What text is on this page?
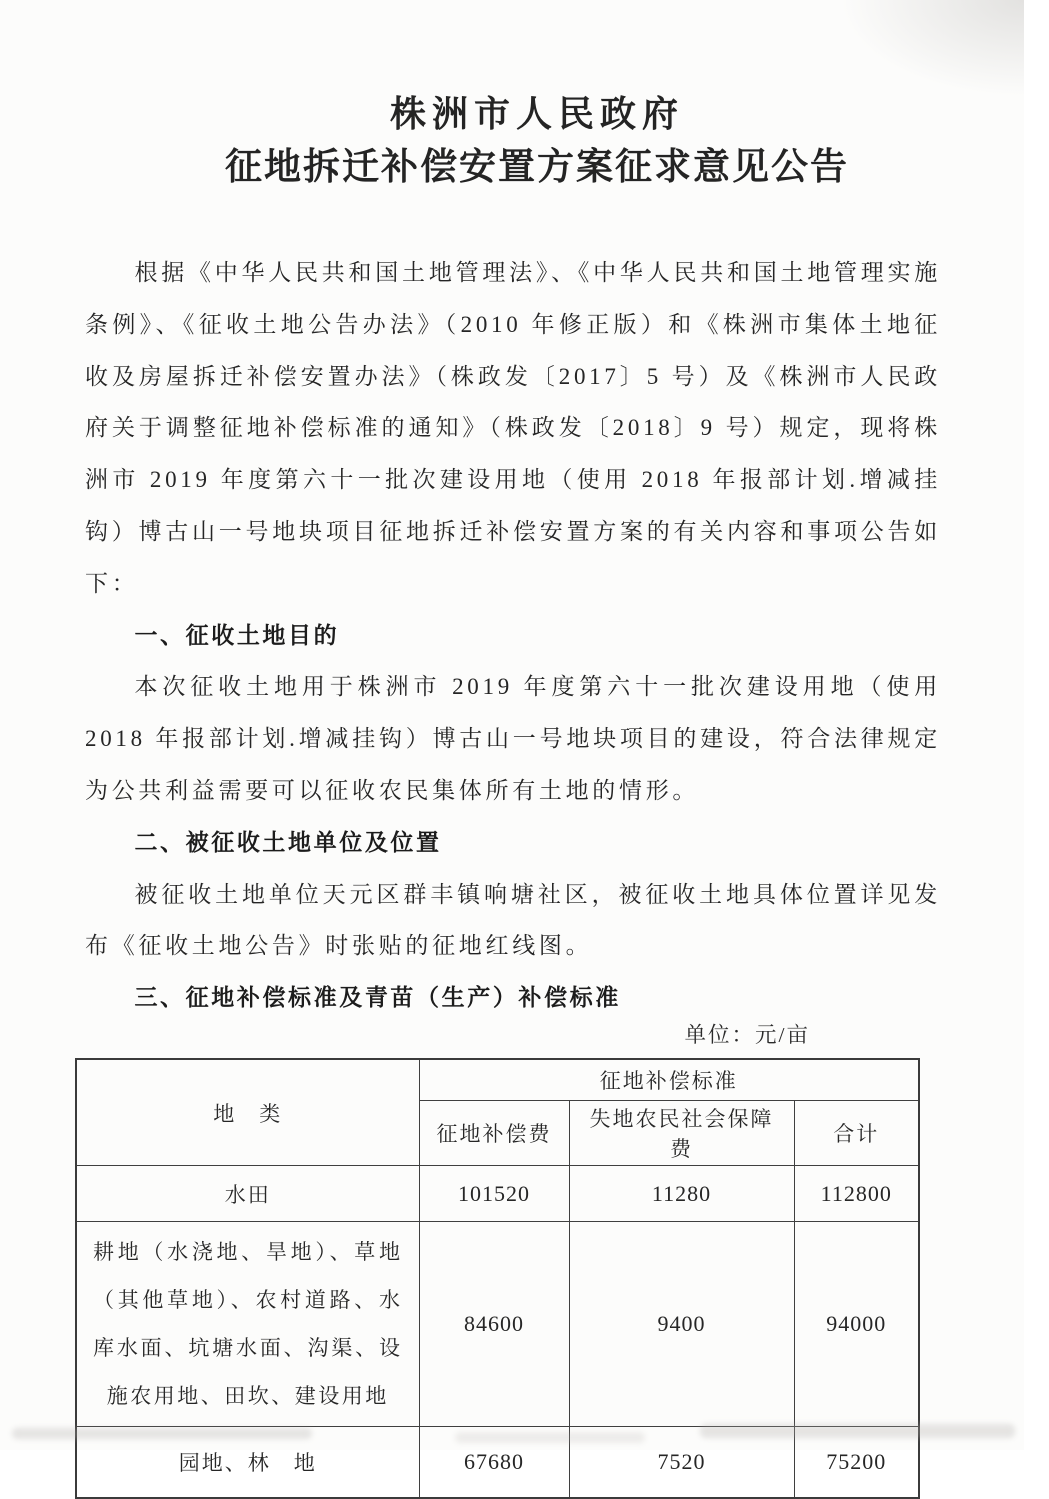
株洲市人民政府
征地拆迁补偿安置方案征求意见公告

根据《中华人民共和国土地管理法》、《中华人民共和国土地管理实施条例》、《征收土地公告办法》（2010 年修正版）和《株洲市集体土地征收及房屋拆迁补偿安置办法》（株政发〔2017〕5 号）及《株洲市人民政府关于调整征地补偿标准的通知》（株政发〔2018〕9 号）规定，现将株洲市 2019 年度第六十一批次建设用地（使用 2018 年报部计划.增减挂钩）博古山一号地块项目征地拆迁补偿安置方案的有关内容和事项公告如下：

一、征收土地目的

本次征收土地用于株洲市 2019 年度第六十一批次建设用地（使用 2018 年报部计划.增减挂钩）博古山一号地块项目的建设，符合法律规定为公共利益需要可以征收农民集体所有土地的情形。

二、被征收土地单位及位置

被征收土地单位天元区群丰镇响塘社区，被征收土地具体位置详见发布《征收土地公告》时张贴的征地红线图。

三、征地补偿标准及青苗（生产）补偿标准
单位：元/亩
地　类	征地补偿标准		
	征地补偿费	失地农民社会保障费	合计
水田	101520	11280	112800
耕地（水浇地、旱地）、草地（其他草地）、农村道路、水库水面、坑塘水面、沟渠、设施农用地、田坎、建设用地	84600	9400	94000
园地、林　地	67680	7520	75200
